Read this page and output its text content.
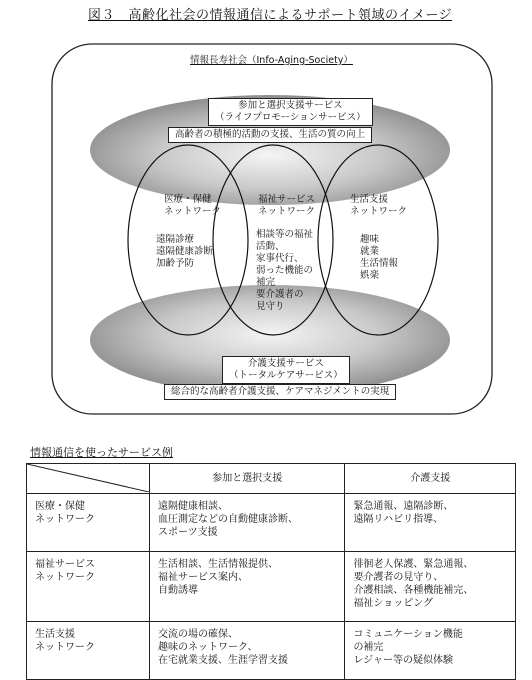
図３　高齢化社会の情報通信によるサポート領域のイメージ
情報長寿社会（Info-Aging-Society）
参加と選択支援サービス
（ライフプロモーションサービス）
高齢者の積極的活動の支援、生活の質の向上
医療・保健
ネットワーク
遠隔診療
遠隔健康診断
加齢予防
福祉サービス
ネットワーク
相談等の福祉
活動、
家事代行、
弱った機能の
補完
要介護者の
見守り
生活支援
ネットワーク
趣味
就業
生活情報
娯楽
介護支援サービス
（トータルケアサービス）
総合的な高齢者介護支援、ケアマネジメントの実現
情報通信を使ったサービス例
	参加と選択支援	介護支援

医療・保健
ネットワーク	遠隔健康相談、
血圧測定などの自動健康診断、
スポーツ支援	緊急通報、遠隔診断、
遠隔リハビリ指導、

福祉サービス
ネットワーク	生活相談、生活情報提供、
福祉サービス案内、
自動誘導	徘徊老人保護、緊急通報、
要介護者の見守り、
介護相談、各種機能補完、
福祉ショッピング

生活支援
ネットワーク	交流の場の確保、
趣味のネットワーク、
在宅就業支援、生涯学習支援	コミュニケーション機能
の補完
レジャー等の疑似体験
